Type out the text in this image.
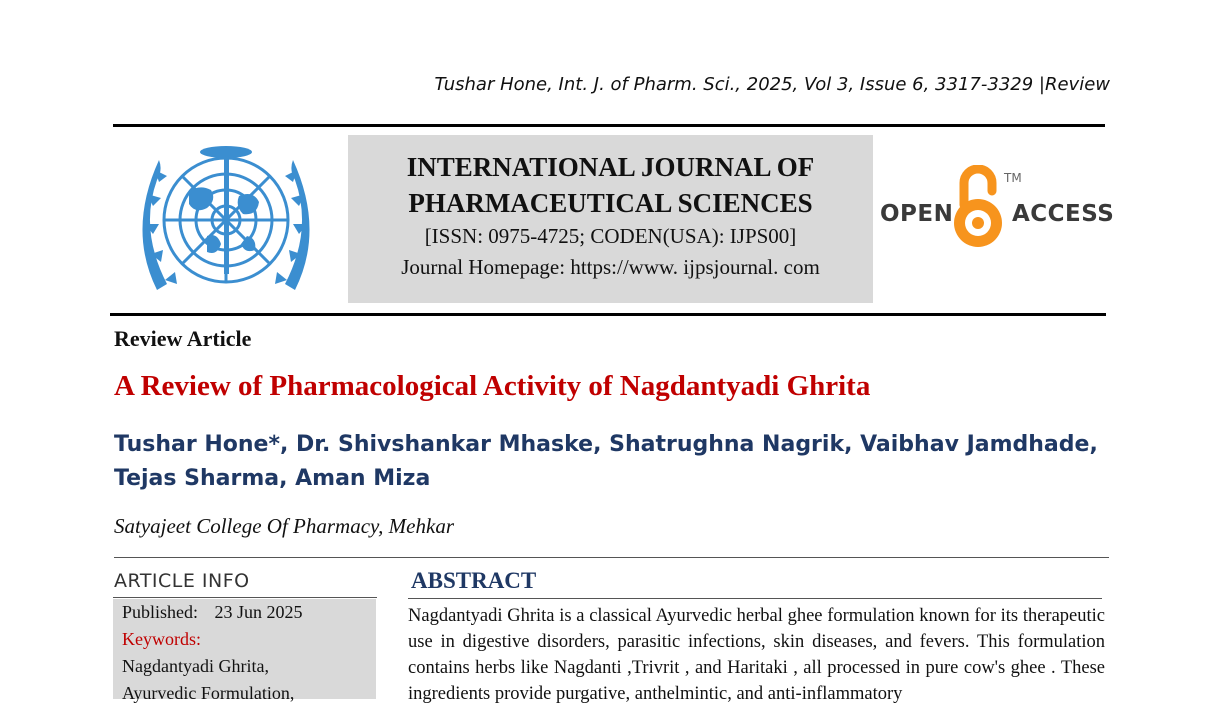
Tushar Hone, Int. J. of Pharm. Sci., 2025, Vol 3, Issue 6, 3317-3329 |Review
INTERNATIONAL JOURNAL OF
PHARMACEUTICAL SCIENCES
[ISSN: 0975-4725; CODEN(USA): IJPS00]
Journal Homepage: https://www. ijpsjournal. com
OPEN	ACCESS
TM
Review Article
A Review of Pharmacological Activity of Nagdantyadi Ghrita
Tushar Hone*, Dr. Shivshankar Mhaske, Shatrughna Nagrik, Vaibhav Jamdhade,
Tejas Sharma, Aman Miza
Satyajeet College Of Pharmacy, Mehkar
ARTICLE INFO
Published: 23 Jun 2025
Keywords:
Nagdantyadi Ghrita,
Ayurvedic Formulation,
ABSTRACT
Nagdantyadi Ghrita is a classical Ayurvedic herbal ghee formulation known for its therapeutic use in digestive disorders, parasitic infections, skin diseases, and fevers. This formulation contains herbs like Nagdanti ,Trivrit , and Haritaki , all processed in pure cow's ghee . These ingredients provide purgative, anthelmintic, and anti-inflammatory
